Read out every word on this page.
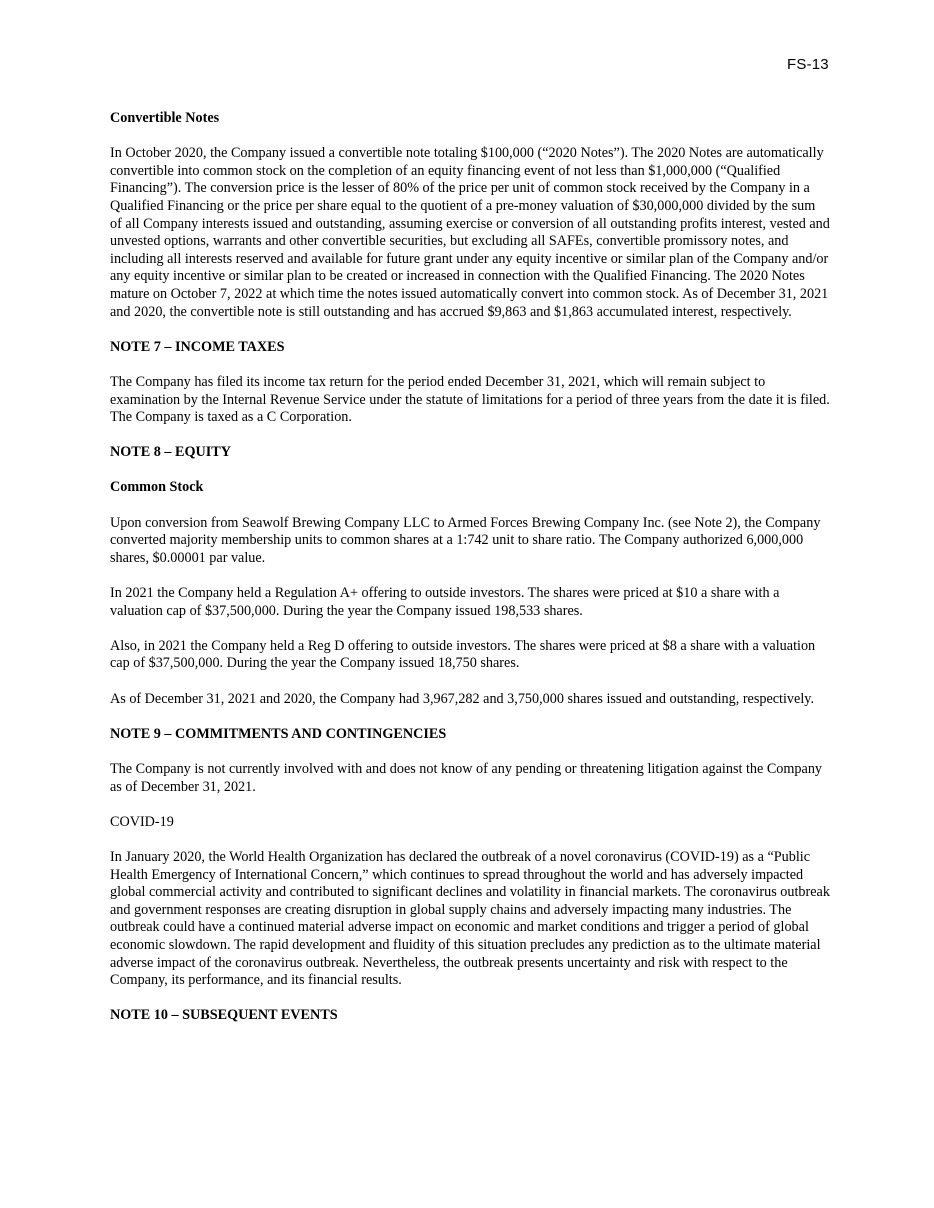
FS-13
Convertible Notes
In October 2020, the Company issued a convertible note totaling $100,000 (“2020 Notes”). The 2020 Notes are automatically convertible into common stock on the completion of an equity financing event of not less than $1,000,000 (“Qualified Financing”). The conversion price is the lesser of 80% of the price per unit of common stock received by the Company in a Qualified Financing or the price per share equal to the quotient of a pre-money valuation of $30,000,000 divided by the sum of all Company interests issued and outstanding, assuming exercise or conversion of all outstanding profits interest, vested and unvested options, warrants and other convertible securities, but excluding all SAFEs, convertible promissory notes, and including all interests reserved and available for future grant under any equity incentive or similar plan of the Company and/or any equity incentive or similar plan to be created or increased in connection with the Qualified Financing. The 2020 Notes mature on October 7, 2022 at which time the notes issued automatically convert into common stock. As of December 31, 2021 and 2020, the convertible note is still outstanding and has accrued $9,863 and $1,863 accumulated interest, respectively.
NOTE 7 – INCOME TAXES
The Company has filed its income tax return for the period ended December 31, 2021, which will remain subject to examination by the Internal Revenue Service under the statute of limitations for a period of three years from the date it is filed. The Company is taxed as a C Corporation.
NOTE 8 – EQUITY
Common Stock
Upon conversion from Seawolf Brewing Company LLC to Armed Forces Brewing Company Inc. (see Note 2), the Company converted majority membership units to common shares at a 1:742 unit to share ratio. The Company authorized 6,000,000 shares, $0.00001 par value.
In 2021 the Company held a Regulation A+ offering to outside investors. The shares were priced at $10 a share with a valuation cap of $37,500,000. During the year the Company issued 198,533 shares.
Also, in 2021 the Company held a Reg D offering to outside investors. The shares were priced at $8 a share with a valuation cap of $37,500,000. During the year the Company issued 18,750 shares.
As of December 31, 2021 and 2020, the Company had 3,967,282 and 3,750,000 shares issued and outstanding, respectively.
NOTE 9 – COMMITMENTS AND CONTINGENCIES
The Company is not currently involved with and does not know of any pending or threatening litigation against the Company as of December 31, 2021.
COVID-19
In January 2020, the World Health Organization has declared the outbreak of a novel coronavirus (COVID-19) as a “Public Health Emergency of International Concern,” which continues to spread throughout the world and has adversely impacted global commercial activity and contributed to significant declines and volatility in financial markets. The coronavirus outbreak and government responses are creating disruption in global supply chains and adversely impacting many industries. The outbreak could have a continued material adverse impact on economic and market conditions and trigger a period of global economic slowdown. The rapid development and fluidity of this situation precludes any prediction as to the ultimate material adverse impact of the coronavirus outbreak. Nevertheless, the outbreak presents uncertainty and risk with respect to the Company, its performance, and its financial results.
NOTE 10 – SUBSEQUENT EVENTS
